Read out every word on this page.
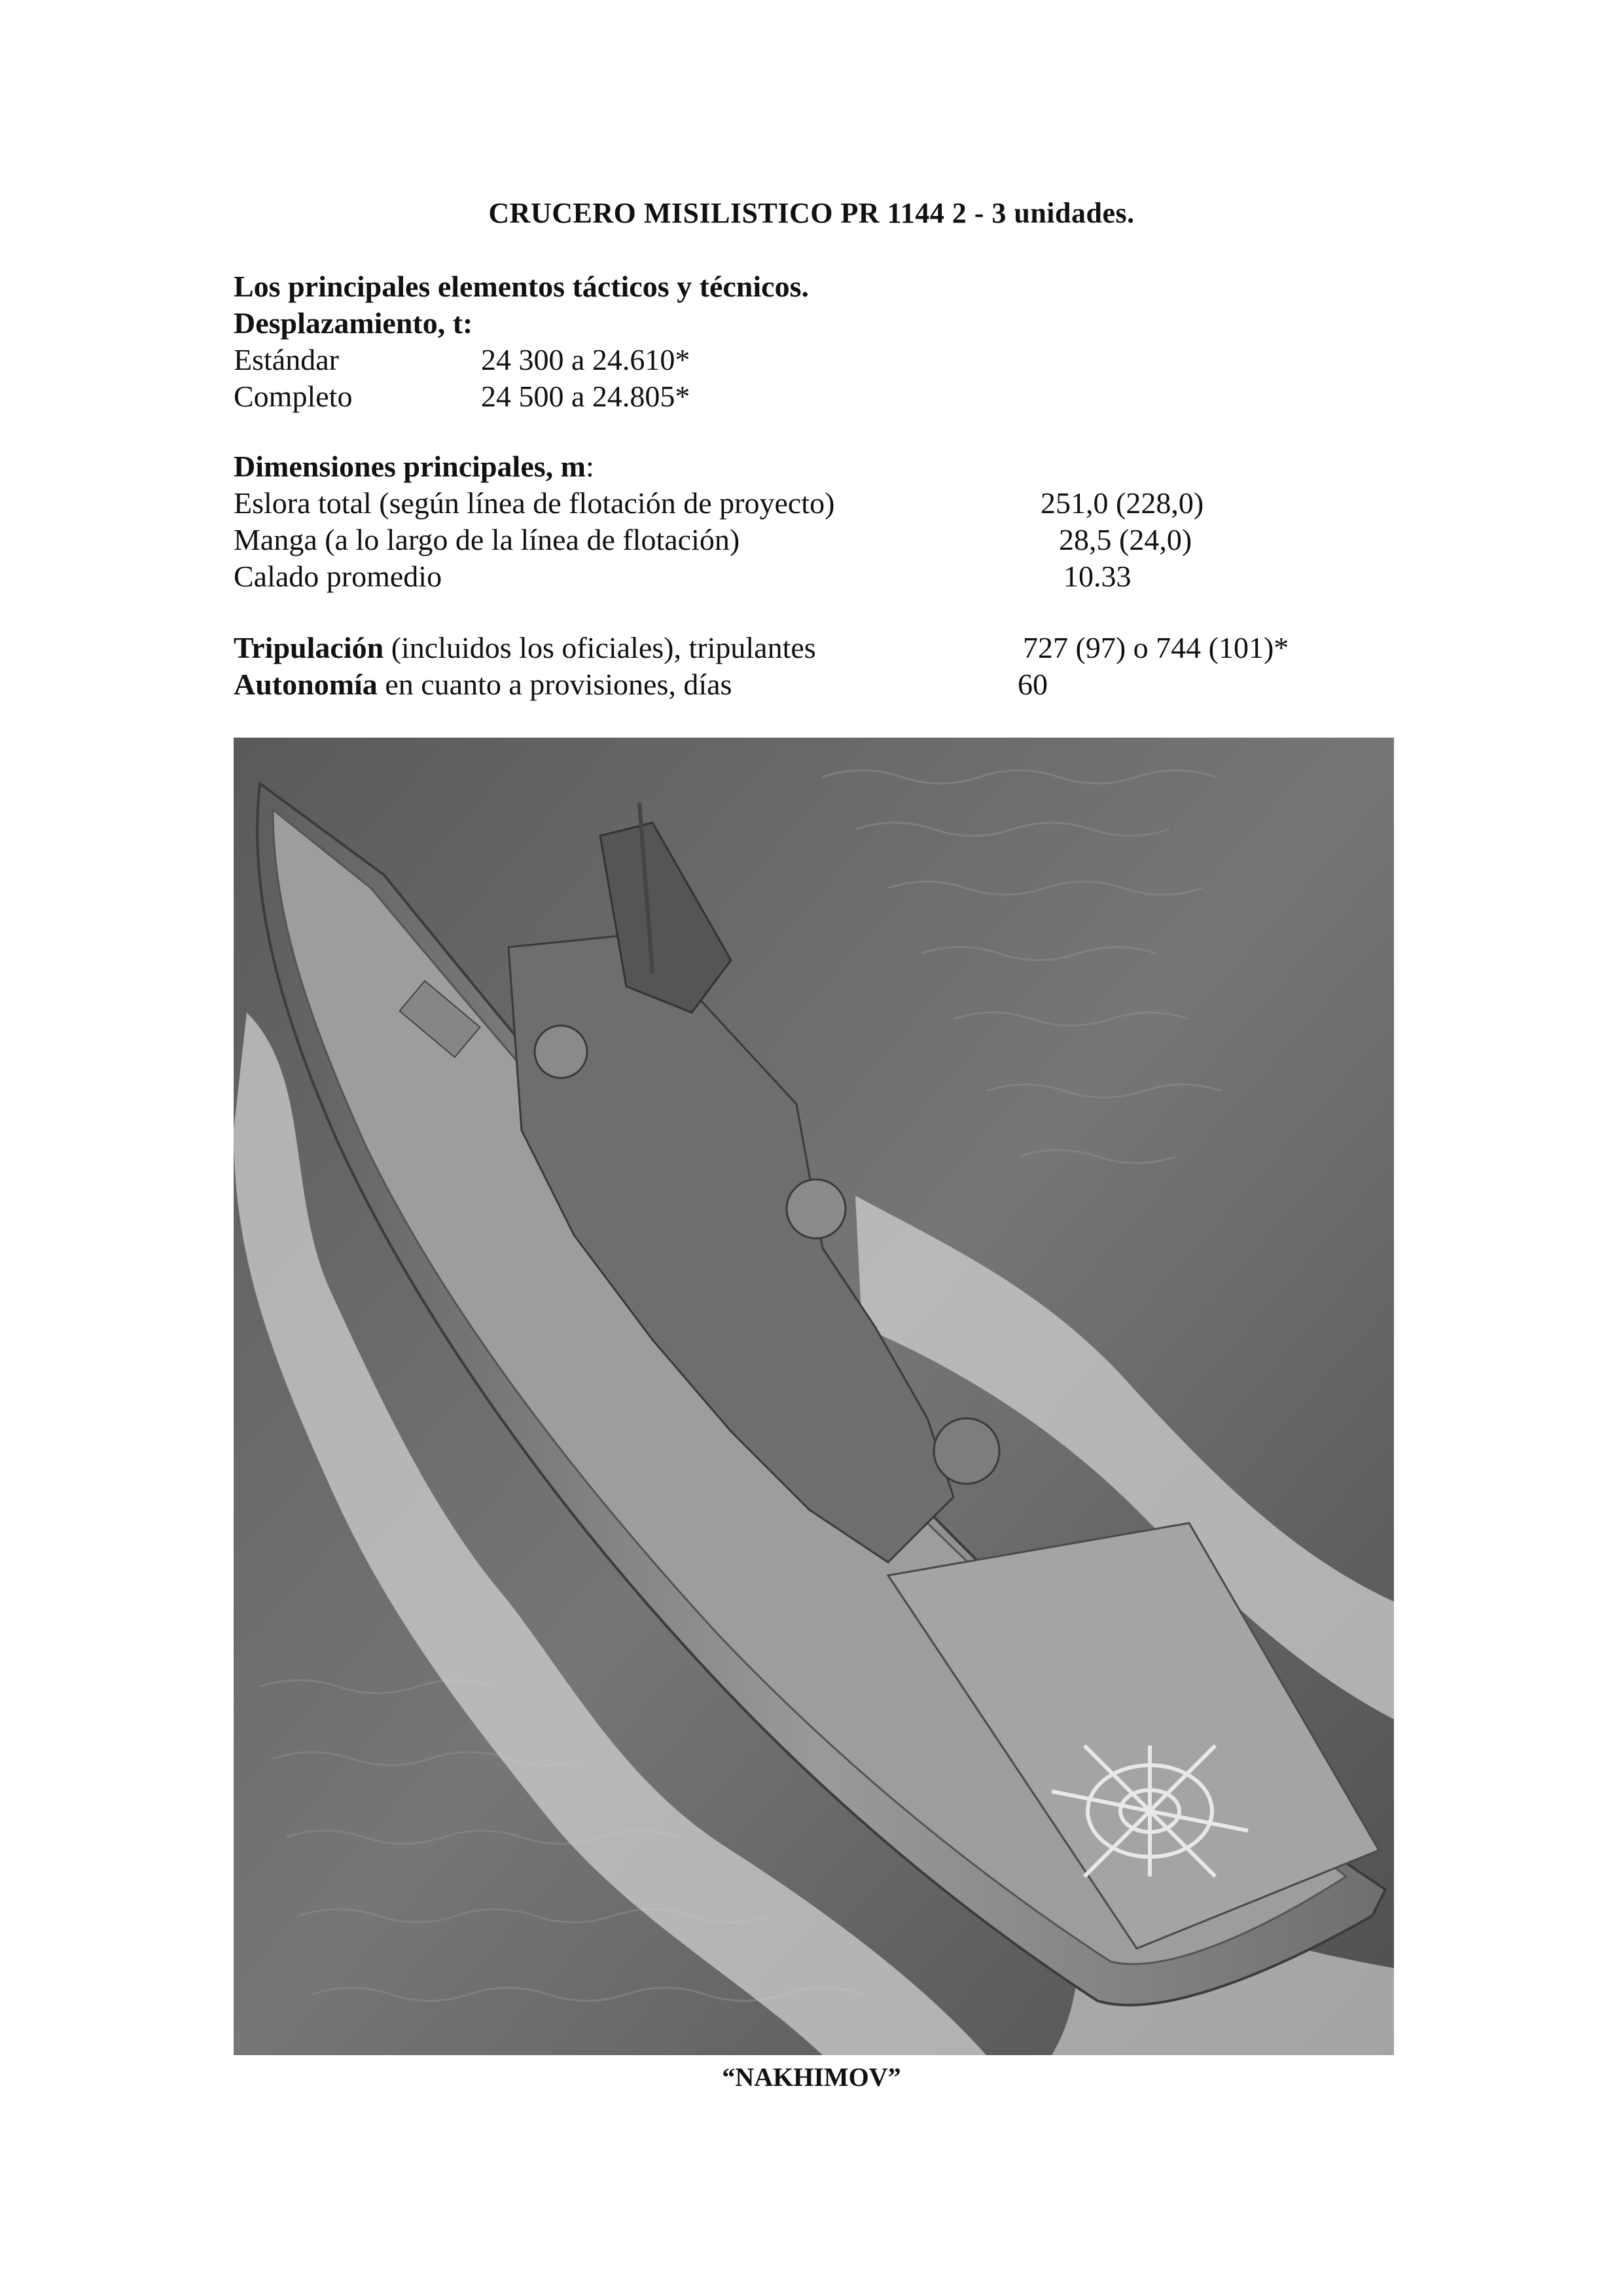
CRUCERO MISILISTICO PR 1144 2 - 3 unidades.
Los principales elementos tácticos y técnicos.
Desplazamiento, t:
Estándar	24 300 a 24.610*
Completo	24 500 a 24.805*
Dimensiones principales, m:
Eslora total (según línea de flotación de proyecto)	251,0 (228,0)
Manga (a lo largo de la línea de flotación)	28,5 (24,0)
Calado promedio	10.33
Tripulación (incluidos los oficiales), tripulantes	727 (97) o 744 (101)*
Autonomía en cuanto a provisiones, días	60
“NAKHIMOV”
